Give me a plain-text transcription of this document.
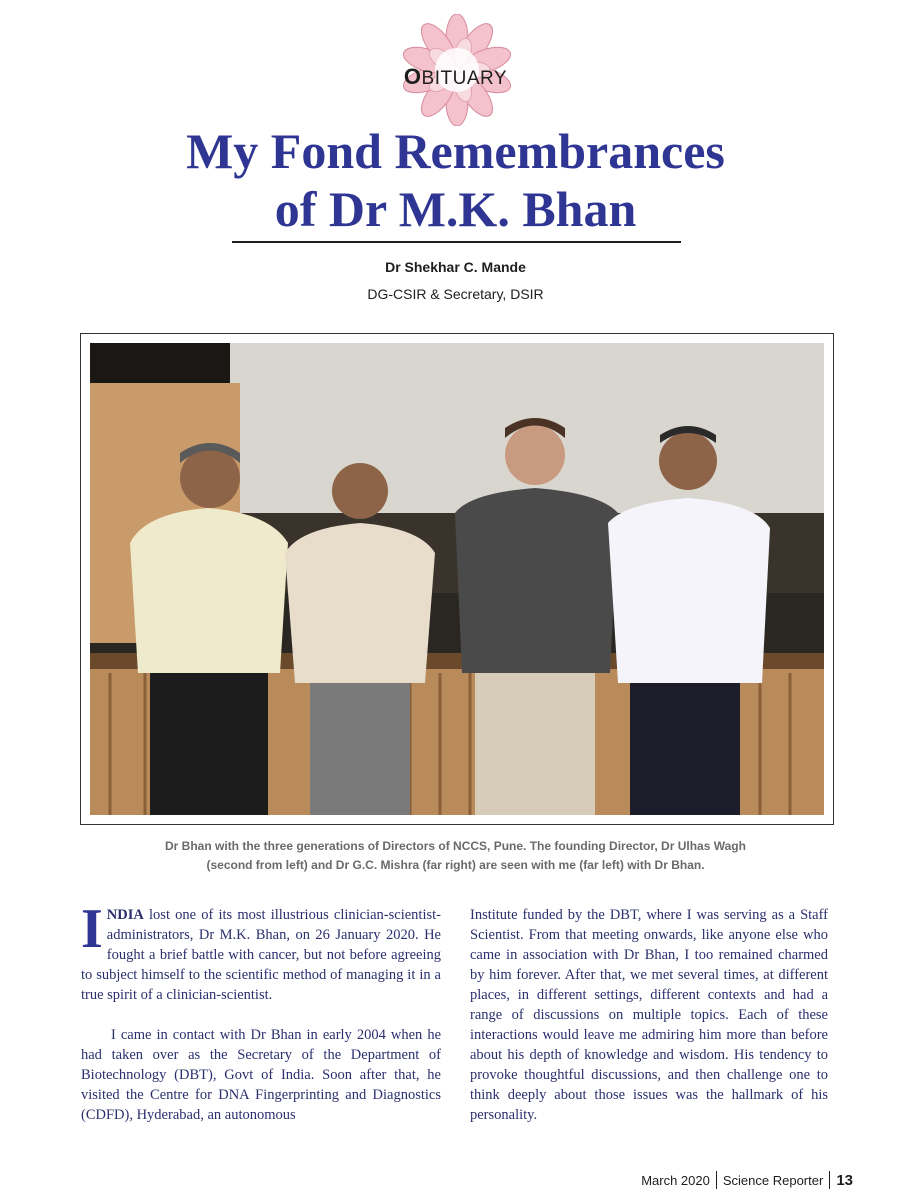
OBITUARY
My Fond Remembrances
of Dr M.K. Bhan
Dr Shekhar C. Mande
DG-CSIR & Secretary, DSIR
Dr Bhan with the three generations of Directors of NCCS, Pune. The founding Director, Dr Ulhas Wagh
(second from left) and Dr G.C. Mishra (far right) are seen with me (far left) with Dr Bhan.

INDIA lost one of its most illustrious clinician-scientist-administrators, Dr M.K. Bhan, on 26 January 2020. He fought a brief battle with cancer, but not before agreeing to subject himself to the scientific method of managing it in a true spirit of a clinician-scientist.

I came in contact with Dr Bhan in early 2004 when he had taken over as the Secretary of the Department of Biotechnology (DBT), Govt of India. Soon after that, he visited the Centre for DNA Fingerprinting and Diagnostics (CDFD), Hyderabad, an autonomous

Institute funded by the DBT, where I was serving as a Staff Scientist. From that meeting onwards, like anyone else who came in association with Dr Bhan, I too remained charmed by him forever. After that, we met several times, at different places, in different settings, different contexts and had a range of discussions on multiple topics. Each of these interactions would leave me admiring him more than before about his depth of knowledge and wisdom. His tendency to provoke thoughtful discussions, and then challenge one to think deeply about those issues was the hallmark of his personality.

March 2020 Science Reporter 13
